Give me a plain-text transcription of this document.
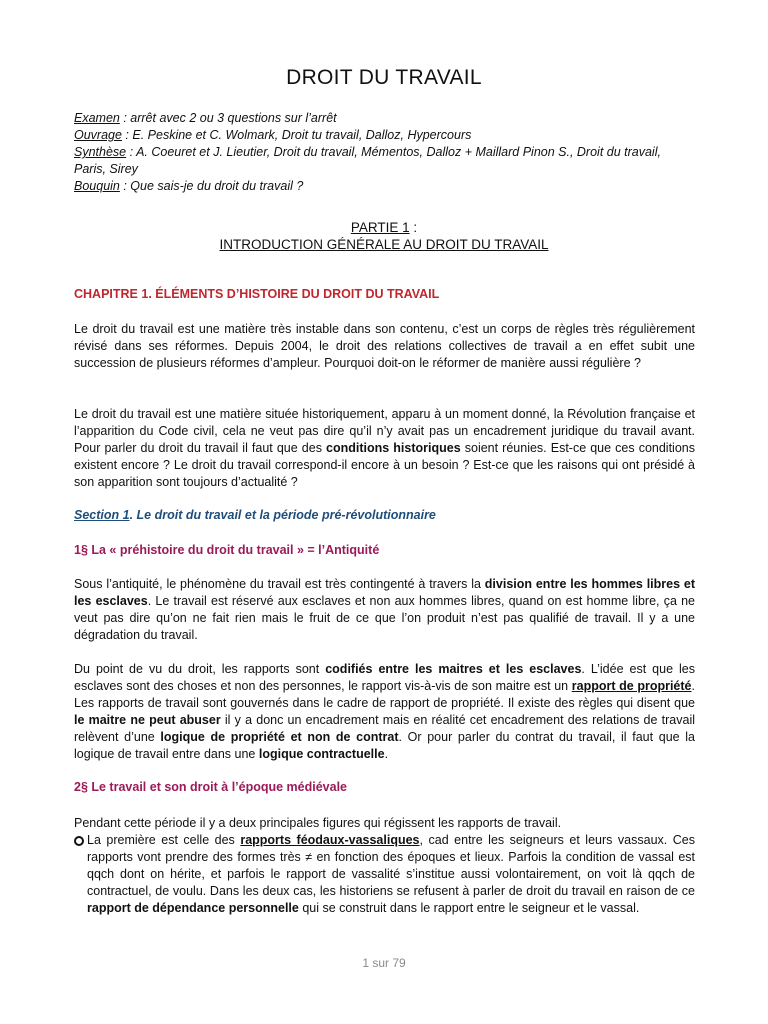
DROIT DU TRAVAIL
Examen : arrêt avec 2 ou 3 questions sur l’arrêt
Ouvrage : E. Peskine et C. Wolmark, Droit tu travail, Dalloz, Hypercours
Synthèse : A. Coeuret et J. Lieutier, Droit du travail, Mémentos, Dalloz + Maillard Pinon S., Droit du travail, Paris, Sirey
Bouquin : Que sais-je du droit du travail ?
PARTIE 1 :
INTRODUCTION GÉNÉRALE AU DROIT DU TRAVAIL
CHAPITRE 1. ÉLÉMENTS D’HISTOIRE DU DROIT DU TRAVAIL
Le droit du travail est une matière très instable dans son contenu, c’est un corps de règles très régulièrement révisé dans ses réformes. Depuis 2004, le droit des relations collectives de travail a en effet subit une succession de plusieurs réformes d’ampleur. Pourquoi doit-on le réformer de manière aussi régulière ?
Le droit du travail est une matière située historiquement, apparu à un moment donné, la Révolution française et l’apparition du Code civil, cela ne veut pas dire qu’il n’y avait pas un encadrement juridique du travail avant. Pour parler du droit du travail il faut que des conditions historiques soient réunies. Est-ce que ces conditions existent encore ? Le droit du travail correspond-il encore à un besoin ? Est-ce que les raisons qui ont présidé à son apparition sont toujours d’actualité ?
Section 1. Le droit du travail et la période pré-révolutionnaire
1§ La « préhistoire du droit du travail » = l’Antiquité
Sous l’antiquité, le phénomène du travail est très contingenté à travers la division entre les hommes libres et les esclaves. Le travail est réservé aux esclaves et non aux hommes libres, quand on est homme libre, ça ne veut pas dire qu’on ne fait rien mais le fruit de ce que l’on produit n’est pas qualifié de travail. Il y a une dégradation du travail.
Du point de vu du droit, les rapports sont codifiés entre les maitres et les esclaves. L’idée est que les esclaves sont des choses et non des personnes, le rapport vis-à-vis de son maitre est un rapport de propriété. Les rapports de travail sont gouvernés dans le cadre de rapport de propriété. Il existe des règles qui disent que le maitre ne peut abuser il y a donc un encadrement mais en réalité cet encadrement des relations de travail relèvent d’une logique de propriété et non de contrat. Or pour parler du contrat du travail, il faut que la logique de travail entre dans une logique contractuelle.
2§ Le travail et son droit à l’époque médiévale
Pendant cette période il y a deux principales figures qui régissent les rapports de travail.
La première est celle des rapports féodaux-vassaliques, cad entre les seigneurs et leurs vassaux. Ces rapports vont prendre des formes très ≠ en fonction des époques et lieux. Parfois la condition de vassal est qqch dont on hérite, et parfois le rapport de vassalité s’institue aussi volontairement, on voit là qqch de contractuel, de voulu. Dans les deux cas, les historiens se refusent à parler de droit du travail en raison de ce rapport de dépendance personnelle qui se construit dans le rapport entre le seigneur et le vassal.
1 sur 79
